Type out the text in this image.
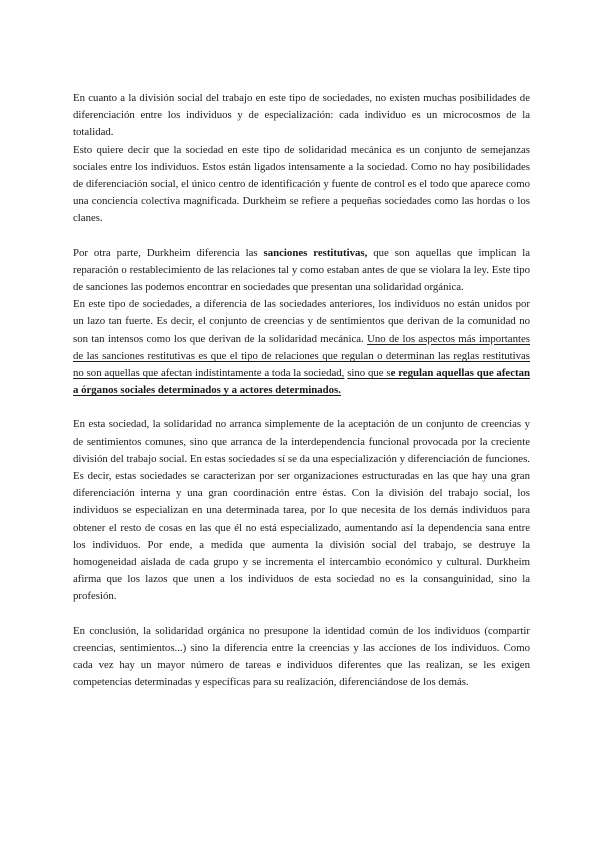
En cuanto a la división social del trabajo en este tipo de sociedades, no existen muchas posibilidades de diferenciación entre los individuos y de especialización: cada individuo es un microcosmos de la totalidad.

Esto quiere decir que la sociedad en este tipo de solidaridad mecánica es un conjunto de semejanzas sociales entre los individuos. Estos están ligados intensamente a la sociedad. Como no hay posibilidades de diferenciación social, el único centro de identificación y fuente de control es el todo que aparece como una conciencia colectiva magnificada. Durkheim se refiere a pequeñas sociedades como las hordas o los clanes.

Por otra parte, Durkheim diferencia las sanciones restitutivas, que son aquellas que implican la reparación o restablecimiento de las relaciones tal y como estaban antes de que se violara la ley. Este tipo de sanciones las podemos encontrar en sociedades que presentan una solidaridad orgánica.

En este tipo de sociedades, a diferencia de las sociedades anteriores, los individuos no están unidos por un lazo tan fuerte. Es decir, el conjunto de creencias y de sentimientos que derivan de la comunidad no son tan intensos como los que derivan de la solidaridad mecánica. Uno de los aspectos más importantes de las sanciones restitutivas es que el tipo de relaciones que regulan o determinan las reglas restitutivas no son aquellas que afectan indistintamente a toda la sociedad, sino que se regulan aquellas que afectan a órganos sociales determinados y a actores determinados.

En esta sociedad, la solidaridad no arranca simplemente de la aceptación de un conjunto de creencias y de sentimientos comunes, sino que arranca de la interdependencia funcional provocada por la creciente división del trabajo social. En estas sociedades sí se da una especialización y diferenciación de funciones. Es decir, estas sociedades se caracterizan por ser organizaciones estructuradas en las que hay una gran diferenciación interna y una gran coordinación entre éstas. Con la división del trabajo social, los individuos se especializan en una determinada tarea, por lo que necesita de los demás individuos para obtener el resto de cosas en las que él no está especializado, aumentando así la dependencia sana entre los individuos. Por ende, a medida que aumenta la división social del trabajo, se destruye la homogeneidad aislada de cada grupo y se incrementa el intercambio económico y cultural. Durkheim afirma que los lazos que unen a los individuos de esta sociedad no es la consanguinidad, sino la profesión.

En conclusión, la solidaridad orgánica no presupone la identidad común de los individuos (compartir creencias, sentimientos...) sino la diferencia entre la creencias y las acciones de los individuos. Como cada vez hay un mayor número de tareas e individuos diferentes que las realizan, se les exigen competencias determinadas y específicas para su realización, diferenciándose de los demás.
